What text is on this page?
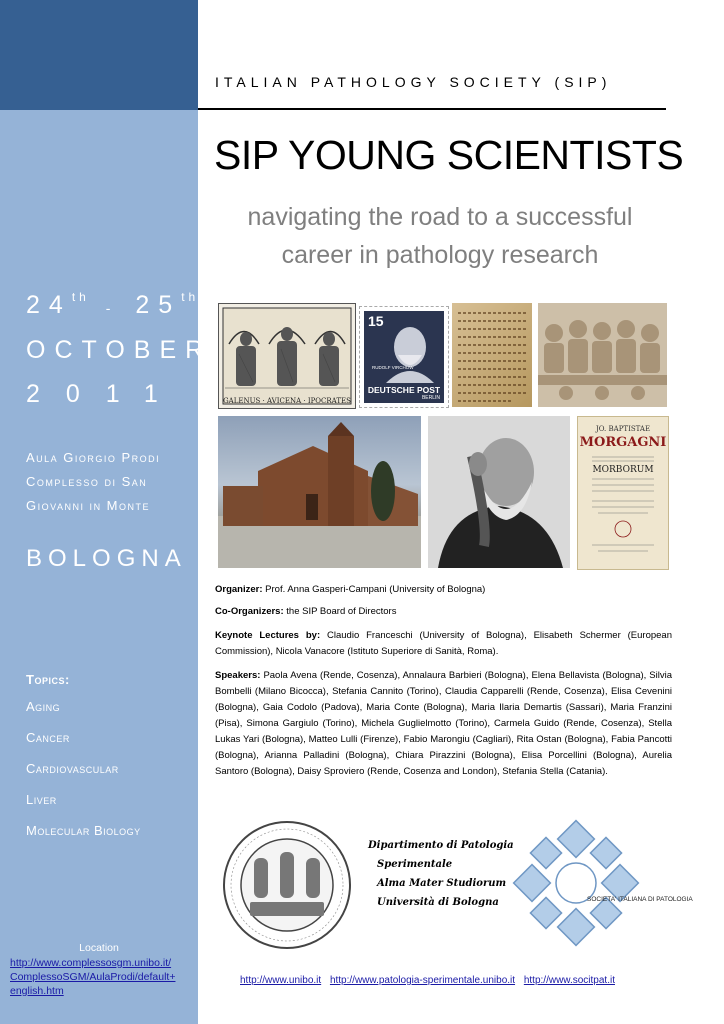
24th - 25th
OCTOBER
2011
Aula Giorgio Prodi
Complesso di San
Giovanni in Monte
BOLOGNA
Topics:
Aging
Cancer
Cardiovascular
Liver
Molecular Biology
Location
http://www.complessosgm.unibo.it/
ComplessoSGM/AulaProdi/default+
english.htm
ITALIAN PATHOLOGY SOCIETY (SIP)
SIP YOUNG SCIENTISTS
navigating the road to a successful
career in pathology research
GALENUS · AVICENA · IPOCRATES
15
RUDOLF VIRCHOW
DEUTSCHE POST
BERLIN
JO. BAPTISTAE
MORGAGNI
MORBORUM
Organizer: Prof. Anna Gasperi-Campani (University of Bologna)
Co-Organizers: the SIP Board of Directors
Keynote Lectures by: Claudio Franceschi (University of Bologna), Elisabeth Schermer (European Commission), Nicola Vanacore (Istituto Superiore di Sanità, Roma).
Speakers: Paola Avena (Rende, Cosenza), Annalaura Barbieri (Bologna), Elena Bellavista (Bologna), Silvia Bombelli (Milano Bicocca), Stefania Cannito (Torino), Claudia Capparelli (Rende, Cosenza), Elisa Cevenini (Bologna), Gaia Codolo (Padova), Maria Conte (Bologna), Maria Ilaria Demartis (Sassari), Maria Franzini (Pisa), Simona Gargiulo (Torino), Michela Guglielmotto (Torino), Carmela Guido (Rende, Cosenza), Stella Lukas Yari (Bologna), Matteo Lulli (Firenze), Fabio Marongiu (Cagliari), Rita Ostan (Bologna), Fabia Pancotti (Bologna), Arianna Palladini (Bologna), Chiara Pirazzini (Bologna), Elisa Porcellini (Bologna), Aurelia Santoro (Bologna), Daisy Sproviero (Rende, Cosenza and London), Stefania Stella (Catania).
Dipartimento di Patologia
Sperimentale
Alma Mater Studiorum
Università di Bologna	SOCIETA' ITALIANA DI PATOLOGIA
http://www.unibo.it http://www.patologia-sperimentale.unibo.it http://www.socitpat.it
